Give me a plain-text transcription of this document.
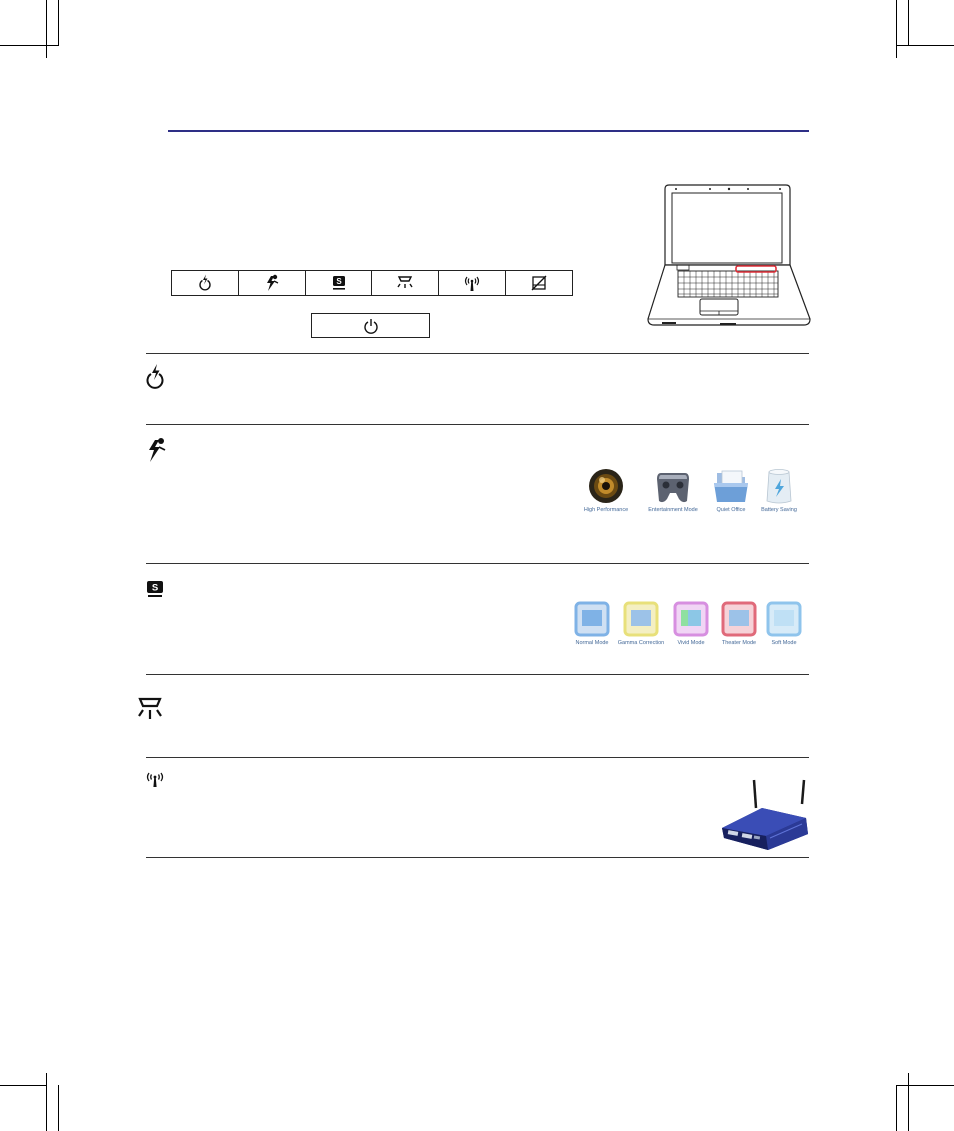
S
High Performance	Entertainment Mode	Quiet Office	Battery Saving
S
Normal Mode Gamma Correction Vivid Mode	Theater Mode	Soft Mode
